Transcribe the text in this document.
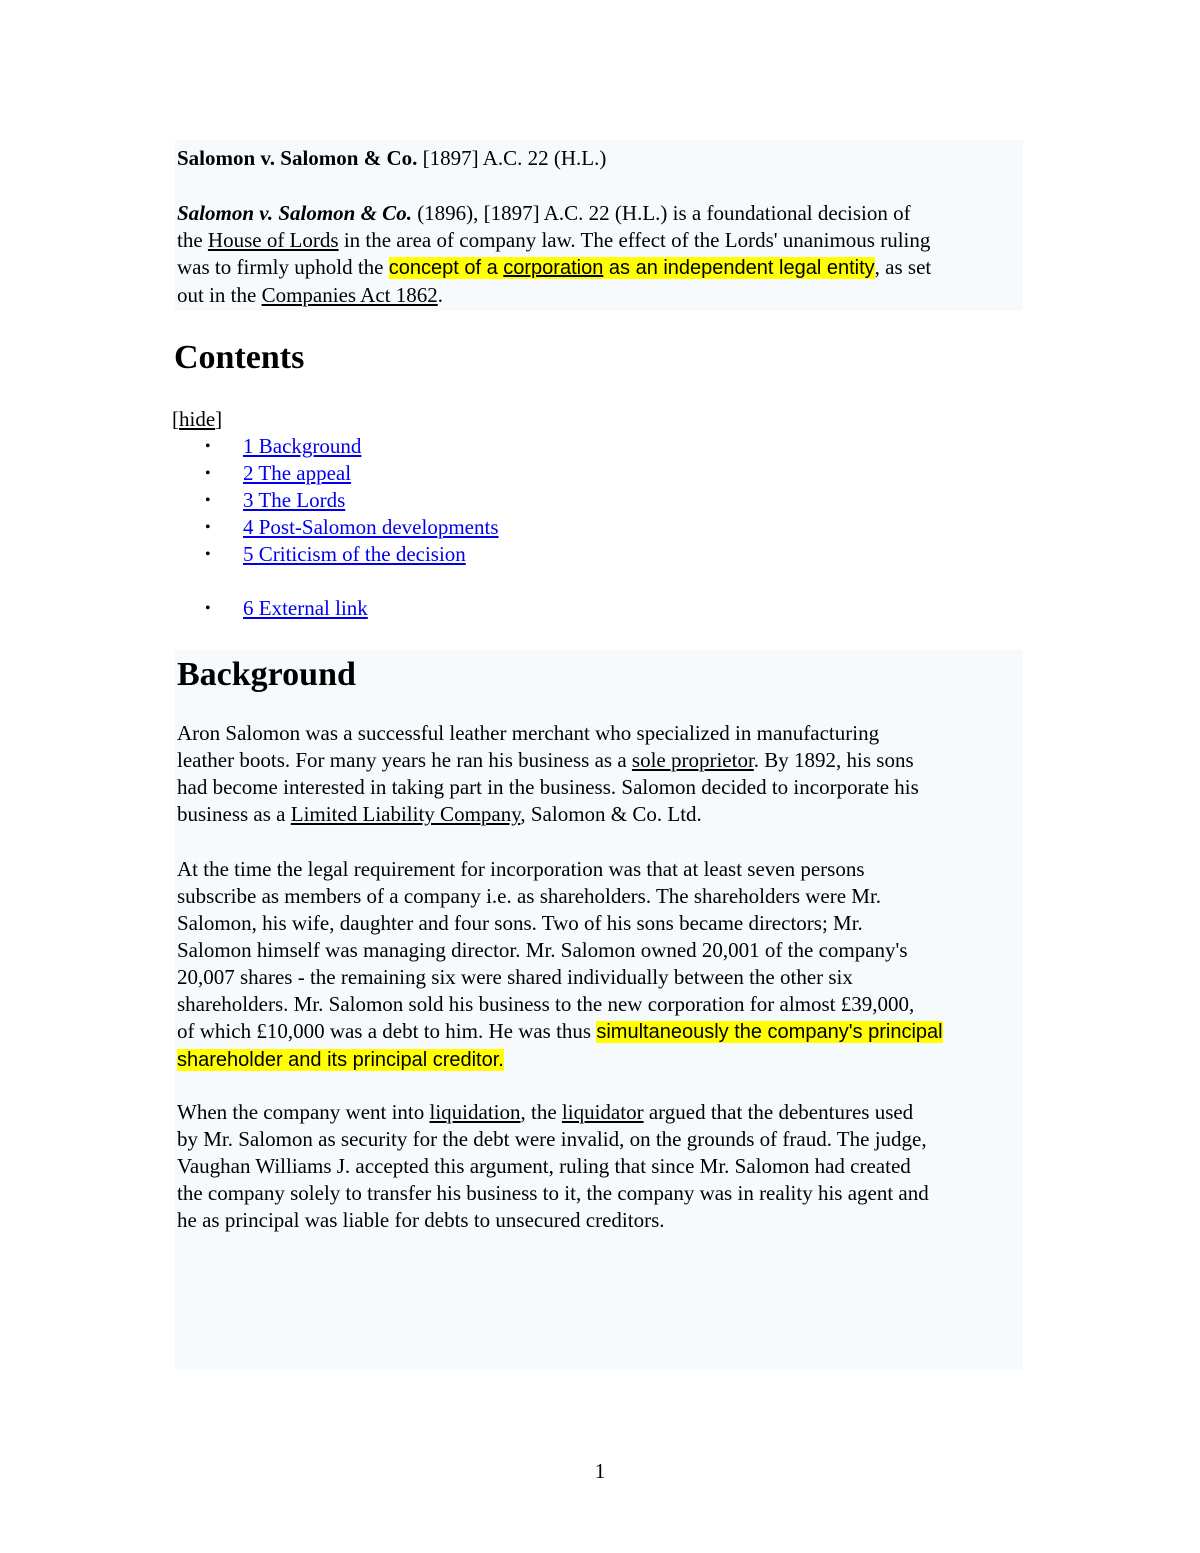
Salomon v. Salomon & Co. [1897] A.C. 22 (H.L.)

Salomon v. Salomon & Co. (1896), [1897] A.C. 22 (H.L.) is a foundational decision of
the House of Lords in the area of company law. The effect of the Lords' unanimous ruling
was to firmly uphold the concept of a corporation as an independent legal entity, as set
out in the Companies Act 1862.

Contents

[hide]

• 1 Background
• 2 The appeal
• 3 The Lords
• 4 Post-Salomon developments
• 5 Criticism of the decision
• 6 External link
Background

Aron Salomon was a successful leather merchant who specialized in manufacturing
leather boots. For many years he ran his business as a sole proprietor. By 1892, his sons
had become interested in taking part in the business. Salomon decided to incorporate his
business as a Limited Liability Company, Salomon & Co. Ltd.

At the time the legal requirement for incorporation was that at least seven persons
subscribe as members of a company i.e. as shareholders. The shareholders were Mr.
Salomon, his wife, daughter and four sons. Two of his sons became directors; Mr.
Salomon himself was managing director. Mr. Salomon owned 20,001 of the company's
20,007 shares - the remaining six were shared individually between the other six
shareholders. Mr. Salomon sold his business to the new corporation for almost £39,000,
of which £10,000 was a debt to him. He was thus simultaneously the company's principal
shareholder and its principal creditor.

When the company went into liquidation, the liquidator argued that the debentures used
by Mr. Salomon as security for the debt were invalid, on the grounds of fraud. The judge,
Vaughan Williams J. accepted this argument, ruling that since Mr. Salomon had created
the company solely to transfer his business to it, the company was in reality his agent and
he as principal was liable for debts to unsecured creditors.

1
